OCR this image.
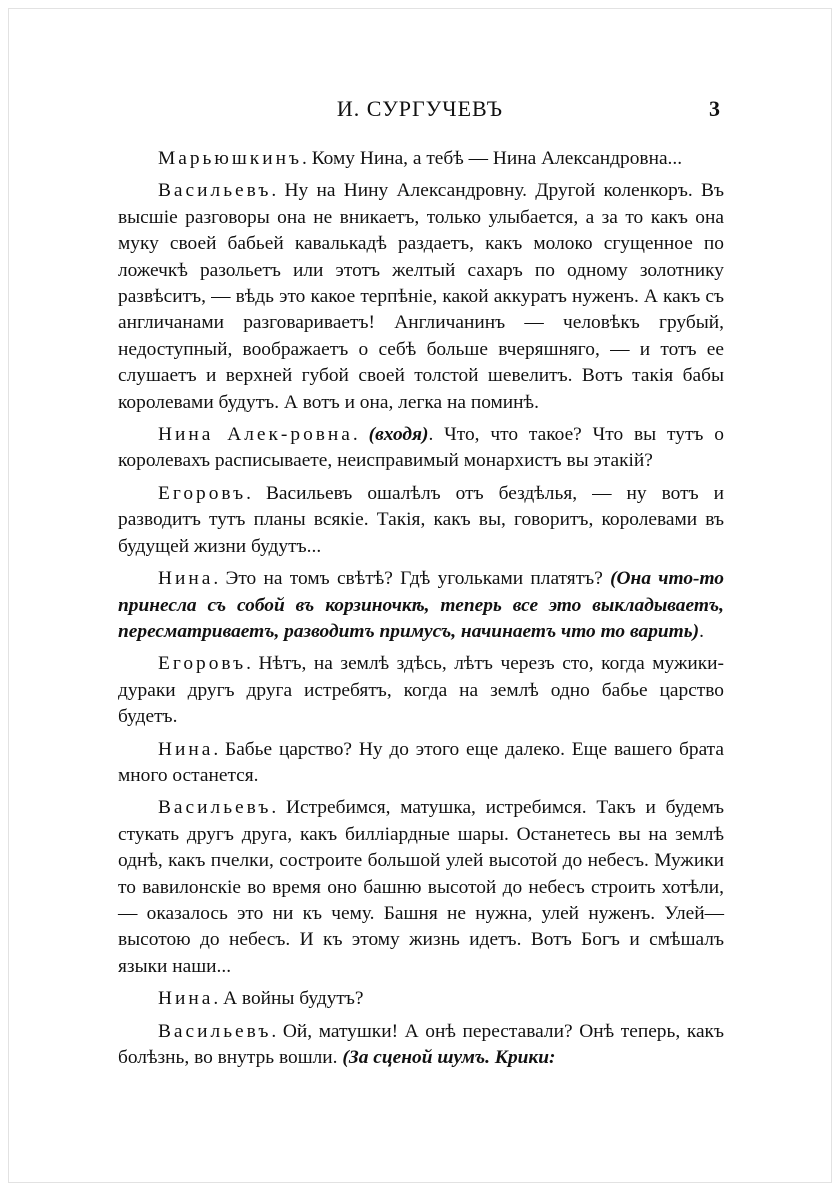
И. СУРГУЧЕВЪ	3

Марьюшкинъ. Кому Нина, а тебѣ — Нина Александровна...

Васильевъ. Ну на Нину Александровну. Другой коленкоръ. Въ высшіе разговоры она не вникаетъ, только улыбается, а за то какъ она муку своей бабьей кавалькадѣ раздаетъ, какъ молоко сгущенное по ложечкѣ разольетъ или этотъ желтый сахаръ по одному золотнику развѣситъ, — вѣдь это какое терпѣніе, какой аккуратъ нуженъ. А какъ съ англичанами разговариваетъ! Англичанинъ — человѣкъ грубый, недоступный, воображаетъ о себѣ больше вчеряшняго, — и тотъ ее слушаетъ и верхней губой своей толстой шевелитъ. Вотъ такія бабы королевами будутъ. А вотъ и она, легка на поминѣ.

Нина Алек-ровна. (входя). Что, что такое? Что вы тутъ о королевахъ расписываете, неисправимый монархистъ вы этакій?

Егоровъ. Васильевъ ошалѣлъ отъ бездѣлья, — ну вотъ и разводитъ тутъ планы всякіе. Такія, какъ вы, говоритъ, королевами въ будущей жизни будутъ...

Нина. Это на томъ свѣтѣ? Гдѣ угольками платятъ? (Она что-то принесла съ собой въ корзиночкѣ, теперь все это выкладываетъ, пересматриваетъ, разводитъ примусъ, начинаетъ что то варить).

Егоровъ. Нѣтъ, на землѣ здѣсь, лѣтъ черезъ сто, когда мужики-дураки другъ друга истребятъ, когда на землѣ одно бабье царство будетъ.

Нина. Бабье царство? Ну до этого еще далеко. Еще вашего брата много останется.

Васильевъ. Истребимся, матушка, истребимся. Такъ и будемъ стукать другъ друга, какъ билліардные шары. Останетесь вы на землѣ однѣ, какъ пчелки, состроите большой улей высотой до небесъ. Мужики то вавилонскіе во время оно башню высотой до небесъ строить хотѣли, — оказалось это ни къ чему. Башня не нужна, улей нуженъ. Улей—высотою до небесъ. И къ этому жизнь идетъ. Вотъ Богъ и смѣшалъ языки наши...

Нина. А войны будутъ?

Васильевъ. Ой, матушки! А онѣ переставали? Онѣ теперь, какъ болѣзнь, во внутрь вошли. (За сценой шумъ. Крики:
